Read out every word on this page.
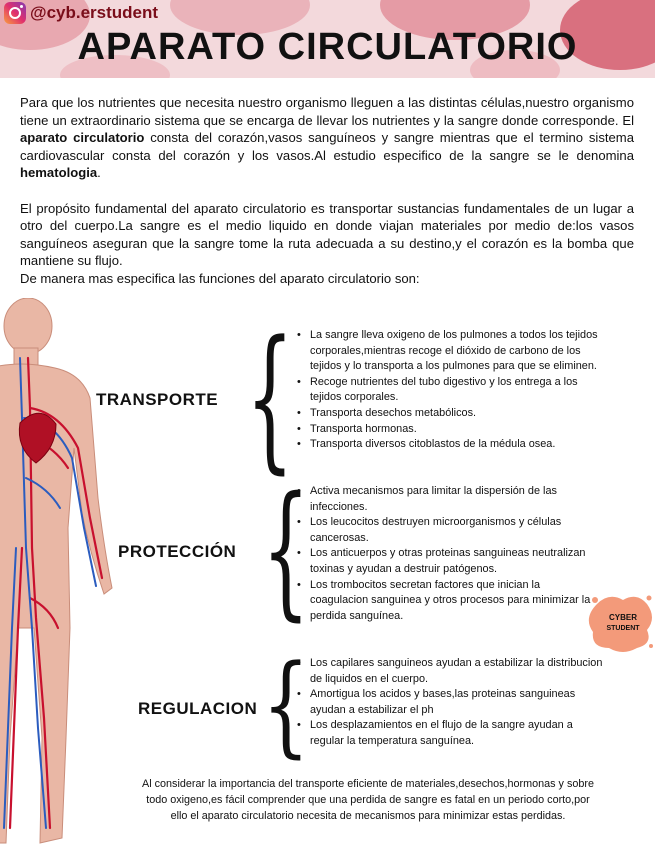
@cyb.erstudent
APARATO CIRCULATORIO

Para que los nutrientes que necesita nuestro organismo lleguen a las distintas células,nuestro organismo tiene un extraordinario sistema que se encarga de llevar los nutrientes y la sangre donde corresponde. El aparato circulatorio consta del corazón,vasos sanguíneos y sangre mientras que el termino sistema cardiovascular consta del corazón y los vasos.Al estudio especifico de la sangre se le denomina hematologia.

El propósito fundamental del aparato circulatorio es transportar sustancias fundamentales de un lugar a otro del cuerpo.La sangre es el medio liquido en donde viajan materiales por medio de:los vasos sanguíneos aseguran que la sangre tome la ruta adecuada a su destino,y el corazón es la bomba que mantiene su flujo.

De manera mas especifica las funciones del aparato circulatorio son:

TRANSPORTE { • La sangre lleva oxigeno de los pulmones a todos los tejidos corporales,mientras recoge el dióxido de carbono de los tejidos y lo transporta a los pulmones para que se eliminen.
• Recoge nutrientes del tubo digestivo y los entrega a los tejidos corporales.
• Transporta desechos metabólicos.
• Transporta hormonas.
• Transporta diversos citoblastos de la médula osea.
PROTECCIÓN { • Activa mecanismos para limitar la dispersión de las infecciones.
• Los leucocitos destruyen microorganismos y células cancerosas.
• Los anticuerpos y otras proteinas sanguineas neutralizan toxinas y ayudan a destruir patógenos.
• Los trombocitos secretan factores que inician la coagulacion sanguinea y otros procesos para minimizar la perdida sanguínea.
REGULACION { • Los capilares sanguineos ayudan a estabilizar la distribucion de liquidos en el cuerpo.
• Amortigua los acidos y bases,las proteinas sanguineas ayudan a estabilizar el ph
• Los desplazamientos en el flujo de la sangre ayudan a regular la temperatura sanguínea.
CYBER
STUDENT
Al considerar la importancia del transporte eficiente de materiales,desechos,hormonas y sobre todo oxigeno,es fácil comprender que una perdida de sangre es fatal en un periodo corto,por ello el aparato circulatorio necesita de mecanismos para minimizar estas perdidas.
